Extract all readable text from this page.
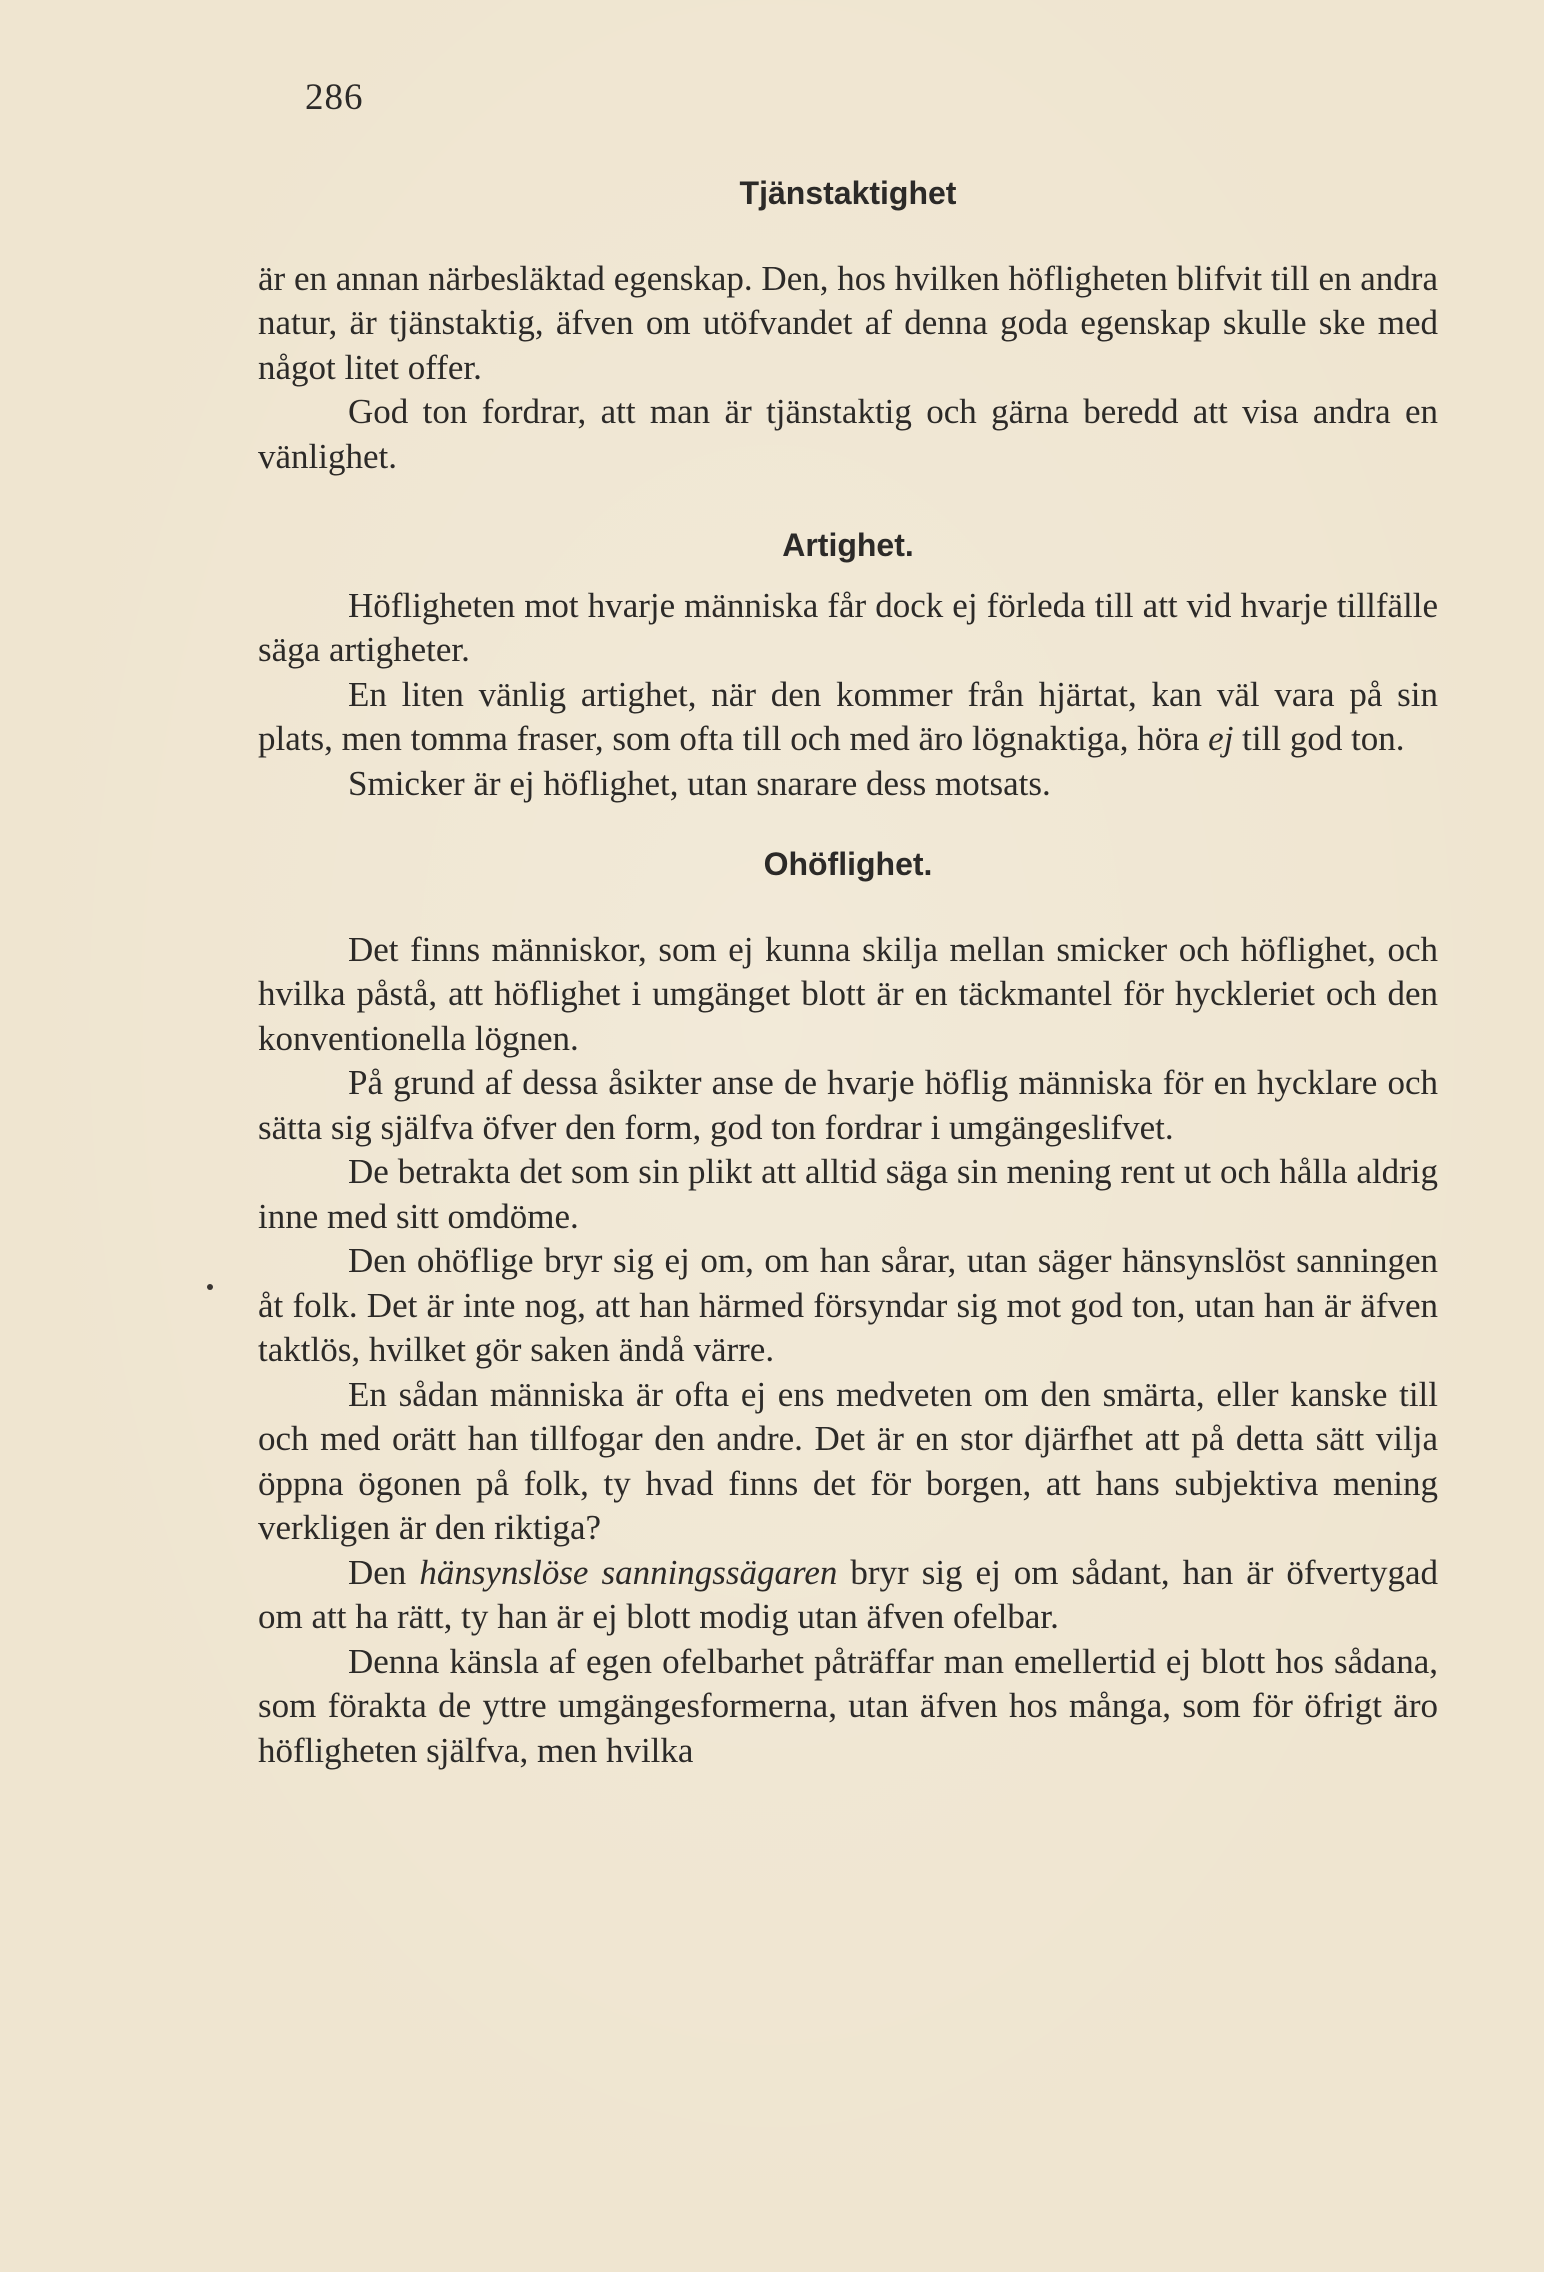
286
Tjänstaktighet

är en annan närbesläktad egenskap. Den, hos hvilken höfligheten blifvit till en andra natur, är tjänstaktig, äfven om utöfvandet af denna goda egenskap skulle ske med något litet offer.

God ton fordrar, att man är tjänstaktig och gärna beredd att visa andra en vänlighet.

Artighet.

Höfligheten mot hvarje människa får dock ej förleda till att vid hvarje tillfälle säga artigheter.

En liten vänlig artighet, när den kommer från hjärtat, kan väl vara på sin plats, men tomma fraser, som ofta till och med äro lögnaktiga, höra ej till god ton.

Smicker är ej höflighet, utan snarare dess motsats.

Ohöflighet.

Det finns människor, som ej kunna skilja mellan smicker och höflighet, och hvilka påstå, att höflighet i umgänget blott är en täckmantel för hyckleriet och den konventionella lögnen.

På grund af dessa åsikter anse de hvarje höflig människa för en hycklare och sätta sig själfva öfver den form, god ton fordrar i umgängeslifvet.

De betrakta det som sin plikt att alltid säga sin mening rent ut och hålla aldrig inne med sitt omdöme.

Den ohöflige bryr sig ej om, om han sårar, utan säger hänsynslöst sanningen åt folk. Det är inte nog, att han härmed försyndar sig mot god ton, utan han är äfven taktlös, hvilket gör saken ändå värre.

En sådan människa är ofta ej ens medveten om den smärta, eller kanske till och med orätt han tillfogar den andre. Det är en stor djärfhet att på detta sätt vilja öppna ögonen på folk, ty hvad finns det för borgen, att hans subjektiva mening verkligen är den riktiga?

Den hänsynslöse sanningssägaren bryr sig ej om sådant, han är öfvertygad om att ha rätt, ty han är ej blott modig utan äfven ofelbar.

Denna känsla af egen ofelbarhet påträffar man emellertid ej blott hos sådana, som förakta de yttre umgängesformerna, utan äfven hos många, som för öfrigt äro höfligheten själfva, men hvilka
